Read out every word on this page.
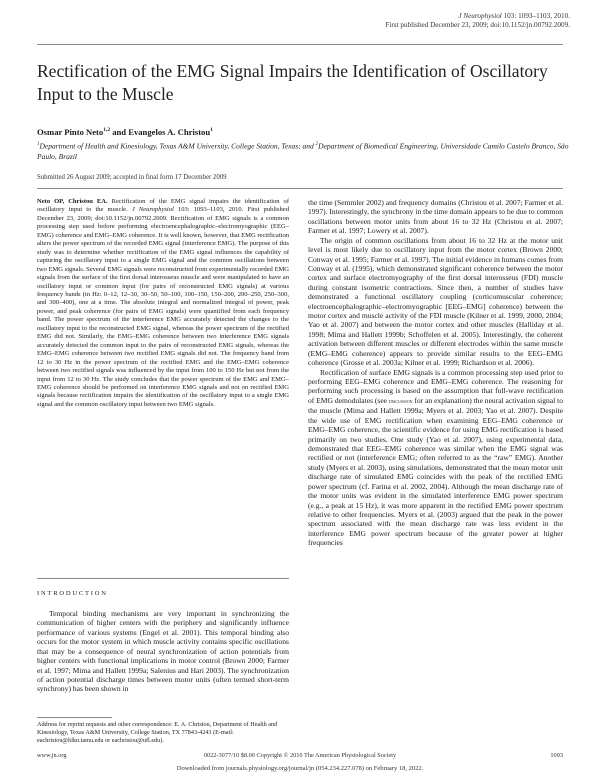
J Neurophysiol 103: 1093–1103, 2010.
First published December 23, 2009; doi:10.1152/jn.00792.2009.
Rectification of the EMG Signal Impairs the Identification of Oscillatory Input to the Muscle
Osmar Pinto Neto$^{1,2}$ and Evangelos A. Christou$^1$
$^1$Department of Health and Kinesiology, Texas A&M University, College Station, Texas; and $^2$Department of Biomedical Engineering, Universidade Camilo Castelo Branco, São Paulo, Brazil
Submitted 26 August 2009; accepted in final form 17 December 2009

Neto OP, Christou EA. Rectification of the EMG signal impairs the identification of oscillatory input to the muscle. J Neurophysiol 103: 1093–1103, 2010. First published December 23, 2009; doi:10.1152/jn.00792.2009. Rectification of EMG signals is a common processing step used before performing electroencephalographic–electromyographic (EEG–EMG) coherence and EMG–EMG coherence. It is well known, however, that EMG rectification alters the power spectrum of the recorded EMG signal (interference EMG). The purpose of this study was to determine whether rectification of the EMG signal influences the capability of capturing the oscillatory input to a single EMG signal and the common oscillations between two EMG signals. Several EMG signals were reconstructed from experimentally recorded EMG signals from the surface of the first dorsal interosseus muscle and were manipulated to have an oscillatory input or common input (for pairs of reconstructed EMG signals) at various frequency bands (in Hz: 0–12, 12–30, 30–50, 50–100, 100–150, 150–200, 200–250, 250–300, and 300–400), one at a time. The absolute integral and normalized integral of power, peak power, and peak coherence (for pairs of EMG signals) were quantified from each frequency band. The power spectrum of the interference EMG accurately detected the changes to the oscillatory input to the reconstructed EMG signal, whereas the power spectrum of the rectified EMG did not. Similarly, the EMG–EMG coherence between two interference EMG signals accurately detected the common input to the pairs of reconstructed EMG signals, whereas the EMG–EMG coherence between two rectified EMG signals did not. The frequency band from 12 to 30 Hz in the power spectrum of the rectified EMG and the EMG–EMG coherence between two rectified signals was influenced by the input from 100 to 150 Hz but not from the input from 12 to 30 Hz. The study concludes that the power spectrum of the EMG and EMG–EMG coherence should be performed on interference EMG signals and not on rectified EMG signals because rectification impairs the identification of the oscillatory input to a single EMG signal and the common oscillatory input between two EMG signals.

INTRODUCTION

Temporal binding mechanisms are very important in synchronizing the communication of higher centers with the periphery and significantly influence performance of various systems (Engel et al. 2001). This temporal binding also occurs for the motor system in which muscle activity contains specific oscillations that may be a consequence of neural synchronization of action potentials from higher centers with functional implications in motor control (Brown 2000; Farmer et al. 1997; Mima and Hallett 1999a; Salenius and Hari 2003). The synchronization of action potential discharge times between motor units (often termed short-term synchrony) has been shown in

Address for reprint requests and other correspondence: E. A. Christou, Department of Health and Kinesiology, Texas A&M University, College Station, TX 77843-4243 (E-mail: eachristou@hlkn.tamu.edu or eachristou@ufl.edu).

the time (Semmler 2002) and frequency domains (Christou et al. 2007; Farmer et al. 1997). Interestingly, the synchrony in the time domain appears to be due to common oscillations between motor units from about 16 to 32 Hz (Christou et al. 2007; Farmer et al. 1997; Lowery et al. 2007).

The origin of common oscillations from about 16 to 32 Hz at the motor unit level is most likely due to oscillatory input from the motor cortex (Brown 2000; Conway et al. 1995; Farmer et al. 1997). The initial evidence in humans comes from Conway et al. (1995), which demonstrated significant coherence between the motor cortex and surface electromyography of the first dorsal interosseus (FDI) muscle during constant isometric contractions. Since then, a number of studies have demonstrated a functional oscillatory coupling (corticomuscular coherence; electroencephalographic–electromyographic [EEG–EMG] coherence) between the motor cortex and muscle activity of the FDI muscle (Kilner et al. 1999, 2000, 2004; Yao et al. 2007) and between the motor cortex and other muscles (Halliday et al. 1998; Mima and Hallett 1999b; Schoffelen et al. 2005). Interestingly, the coherent activation between different muscles or different electrodes within the same muscle (EMG–EMG coherence) appears to provide similar results to the EEG–EMG coherence (Grosse et al. 2003a; Kilner et al. 1999; Richardson et al. 2006).

Rectification of surface EMG signals is a common processing step used prior to performing EEG–EMG coherence and EMG–EMG coherence. The reasoning for performing such processing is based on the assumption that full-wave rectification of EMG demodulates (see discussion for an explanation) the neural activation signal to the muscle (Mima and Hallett 1999a; Myers et al. 2003; Yao et al. 2007). Despite the wide use of EMG rectification when examining EEG–EMG coherence or EMG–EMG coherence, the scientific evidence for using EMG rectification is based primarily on two studies. One study (Yao et al. 2007), using experimental data, demonstrated that EEG–EMG coherence was similar when the EMG signal was rectified or not (interference EMG; often referred to as the “raw” EMG). Another study (Myers et al. 2003), using simulations, demonstrated that the mean motor unit discharge rate of simulated EMG coincides with the peak of the rectified EMG power spectrum (cf. Farina et al. 2002, 2004). Although the mean discharge rate of the motor units was evident in the simulated interference EMG power spectrum (e.g., a peak at 15 Hz), it was more apparent in the rectified EMG power spectrum relative to other frequencies. Myers et al. (2003) argued that the peak in the power spectrum associated with the mean discharge rate was less evident in the interference EMG power spectrum because of the greater power at higher frequencies

www.jn.org	0022-3077/10 $8.00 Copyright © 2010 The American Physiological Society	1093
Downloaded from journals.physiology.org/journal/jn (054.234.227.078) on February 18, 2022.
